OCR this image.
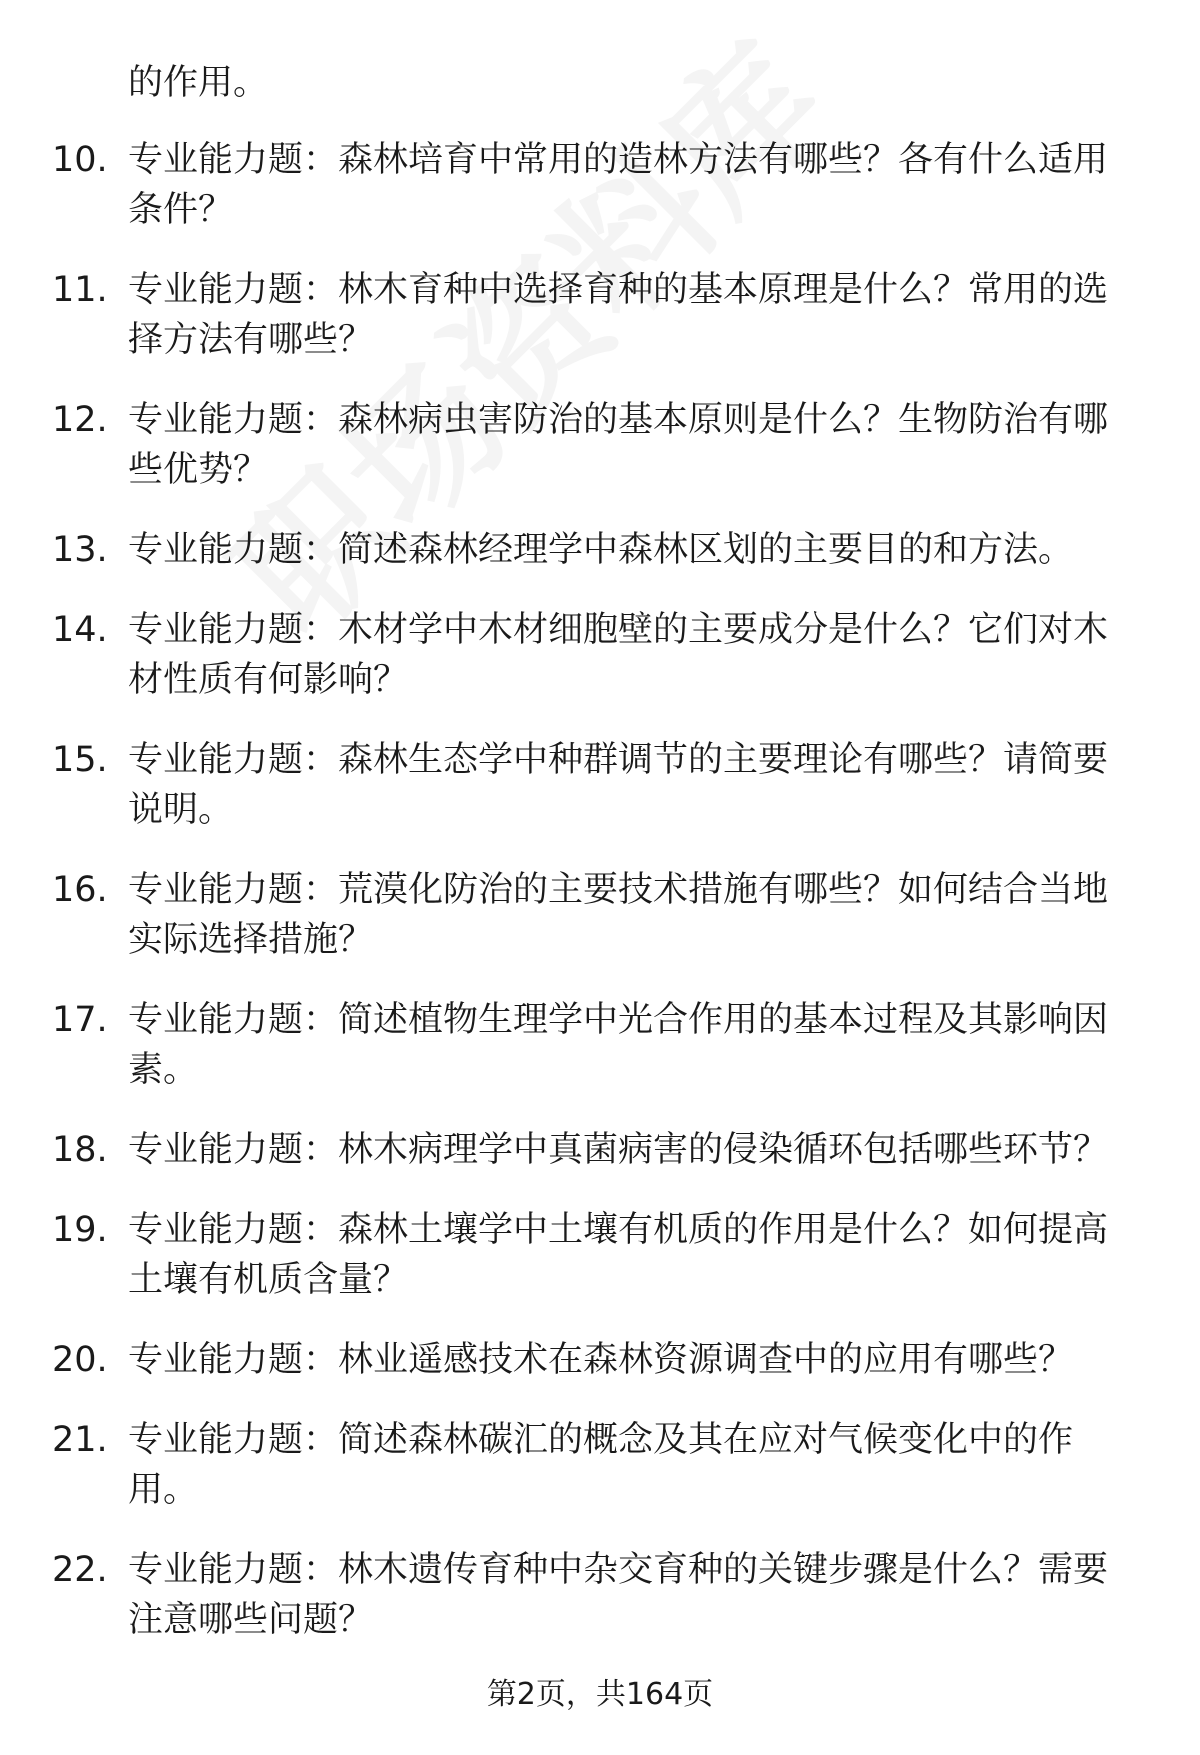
的作用。
10. 专业能力题：森林培育中常用的造林方法有哪些？各有什么适用条件？
11. 专业能力题：林木育种中选择育种的基本原理是什么？常用的选择方法有哪些？
12. 专业能力题：森林病虫害防治的基本原则是什么？生物防治有哪些优势？
13. 专业能力题：简述森林经理学中森林区划的主要目的和方法。
14. 专业能力题：木材学中木材细胞壁的主要成分是什么？它们对木材性质有何影响？
15. 专业能力题：森林生态学中种群调节的主要理论有哪些？请简要说明。
16. 专业能力题：荒漠化防治的主要技术措施有哪些？如何结合当地实际选择措施？
17. 专业能力题：简述植物生理学中光合作用的基本过程及其影响因素。
18. 专业能力题：林木病理学中真菌病害的侵染循环包括哪些环节？
19. 专业能力题：森林土壤学中土壤有机质的作用是什么？如何提高土壤有机质含量？
20. 专业能力题：林业遥感技术在森林资源调查中的应用有哪些？
21. 专业能力题：简述森林碳汇的概念及其在应对气候变化中的作用。
22. 专业能力题：林木遗传育种中杂交育种的关键步骤是什么？需要注意哪些问题？
第2页，共164页
